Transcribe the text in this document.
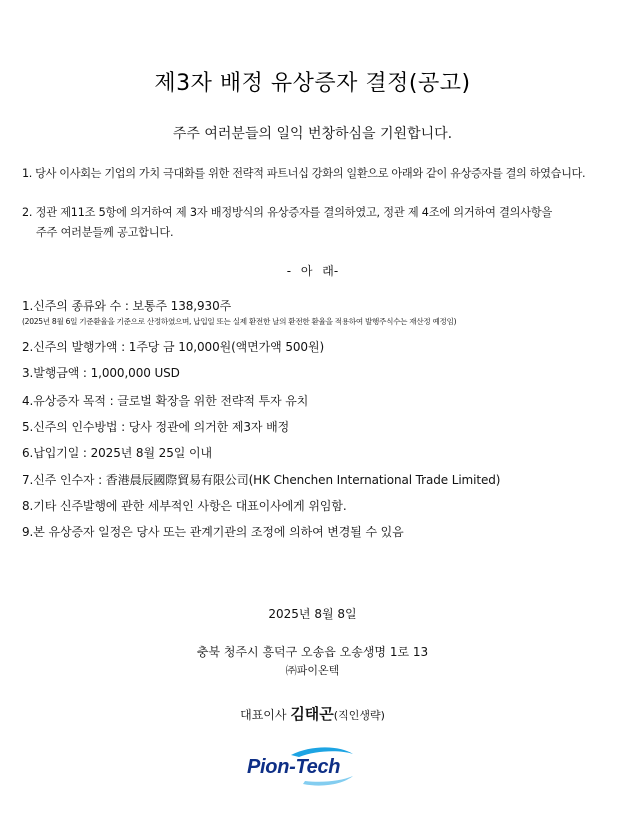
제3자 배정 유상증자 결정(공고)
주주 여러분들의 일익 번창하심을 기원합니다.
1. 당사 이사회는 기업의 가치 극대화를 위한 전략적 파트너십 강화의 일환으로 아래와 같이 유상증자를 결의 하였습니다.
2. 정관 제11조 5항에 의거하여 제 3자 배정방식의 유상증자를 결의하였고, 정관 제 4조에 의거하여 결의사항을
주주 여러분들께 공고합니다.
- 아 래-
1.신주의 종류와 수 : 보통주 138,930주
(2025년 8월 6일 기준환율을 기준으로 산정하였으며, 납입일 또는 실제 환전한 날의 환전한 환율을 적용하여 발행주식수는 재산정 예정임)
2.신주의 발행가액 : 1주당 금 10,000원(액면가액 500원)
3.발행금액 : 1,000,000 USD
4.유상증자 목적 : 글로벌 확장을 위한 전략적 투자 유치
5.신주의 인수방법 : 당사 정관에 의거한 제3자 배정
6.납입기일 : 2025년 8월 25일 이내
7.신주 인수자 : 香港晨辰國際貿易有限公司(HK Chenchen International Trade Limited)
8.기타 신주발행에 관한 세부적인 사항은 대표이사에게 위임함.
9.본 유상증자 일정은 당사 또는 관계기관의 조정에 의하여 변경될 수 있음
2025년 8월 8일
충북 청주시 흥덕구 오송읍 오송생명 1로 13
㈜파이온텍
대표이사 김태곤(직인생략)
Pion-Tech
